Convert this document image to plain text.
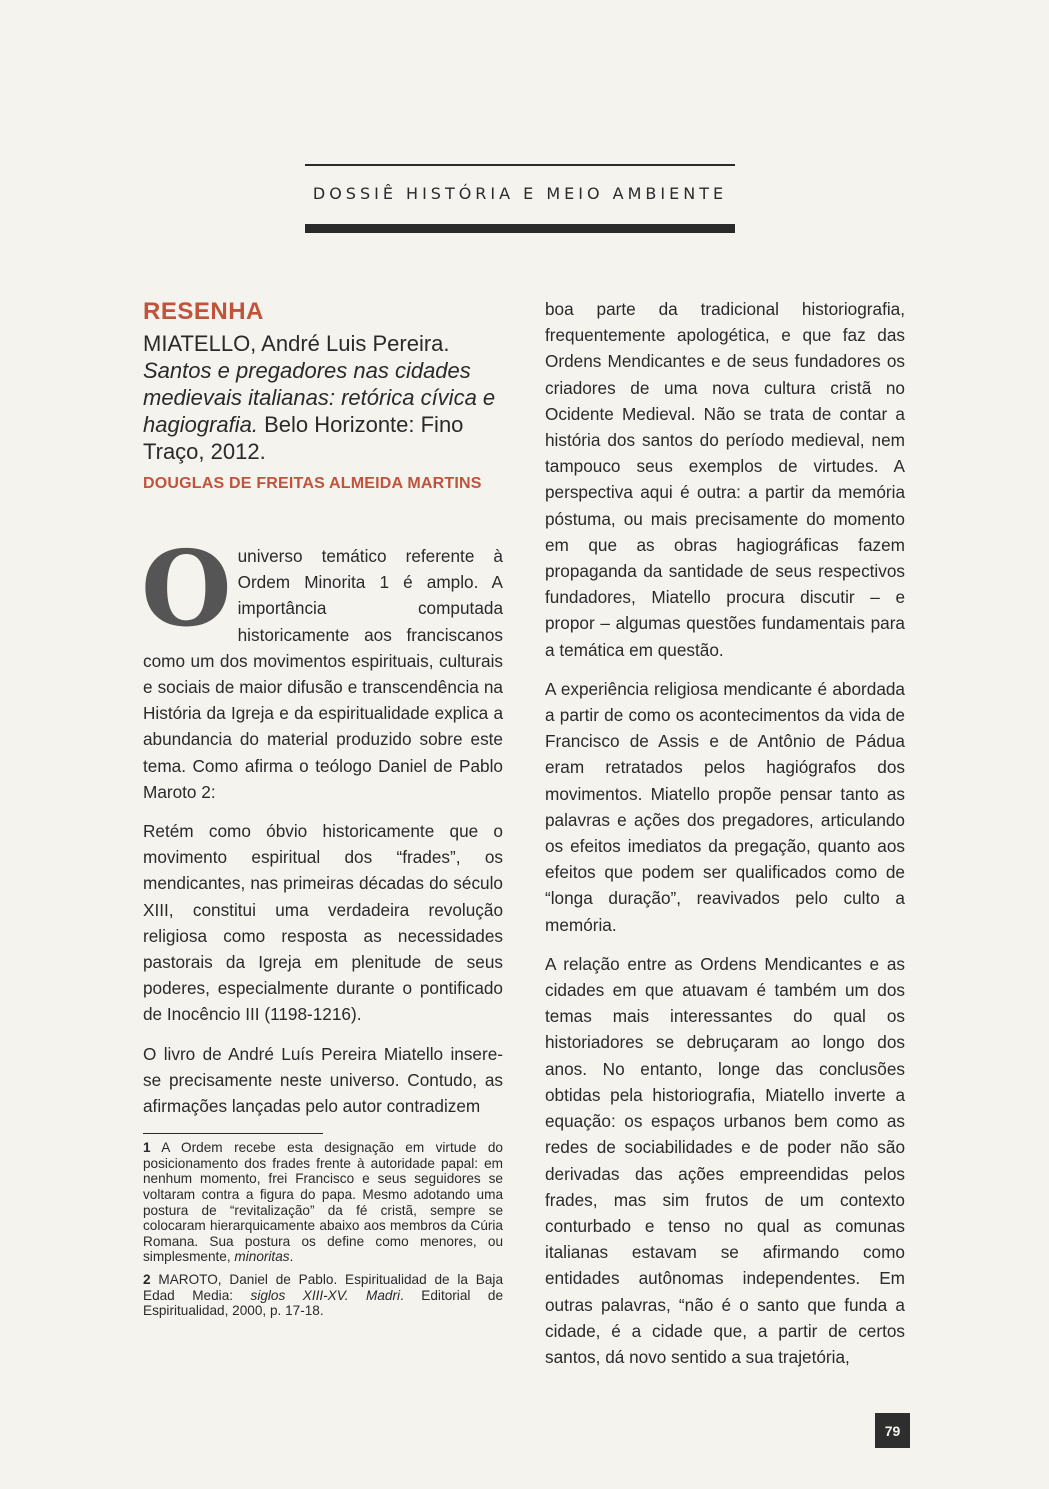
DOSSIÊ HISTÓRIA E MEIO AMBIENTE
RESENHA

MIATELLO, André Luis Pereira.
Santos e pregadores nas cidades medievais italianas: retórica cívica e hagiografia. Belo Horizonte: Fino Traço, 2012.

DOUGLAS DE FREITAS ALMEIDA MARTINS
O universo temático referente à Ordem Minorita 1 é amplo. A importância computada historicamente aos franciscanos como um dos movimentos espirituais, culturais e sociais de maior difusão e transcendência na História da Igreja e da espiritualidade explica a abundancia do material produzido sobre este tema. Como afirma o teólogo Daniel de Pablo Maroto 2:

Retém como óbvio historicamente que o movimento espiritual dos “frades”, os mendicantes, nas primeiras décadas do século XIII, constitui uma verdadeira revolução religiosa como resposta as necessidades pastorais da Igreja em plenitude de seus poderes, especialmente durante o pontificado de Inocêncio III (1198-1216).

O livro de André Luís Pereira Miatello insere-se precisamente neste universo. Contudo, as afirmações lançadas pelo autor contradizem

1 A Ordem recebe esta designação em virtude do posicionamento dos frades frente à autoridade papal: em nenhum momento, frei Francisco e seus seguidores se voltaram contra a figura do papa. Mesmo adotando uma postura de “revitalização” da fé cristã, sempre se colocaram hierarquicamente abaixo aos membros da Cúria Romana. Sua postura os define como menores, ou simplesmente, minoritas.

2 MAROTO, Daniel de Pablo. Espiritualidad de la Baja Edad Media: siglos XIII-XV. Madri. Editorial de Espiritualidad, 2000, p. 17-18.

boa parte da tradicional historiografia, frequentemente apologética, e que faz das Ordens Mendicantes e de seus fundadores os criadores de uma nova cultura cristã no Ocidente Medieval. Não se trata de contar a história dos santos do período medieval, nem tampouco seus exemplos de virtudes. A perspectiva aqui é outra: a partir da memória póstuma, ou mais precisamente do momento em que as obras hagiográficas fazem propaganda da santidade de seus respectivos fundadores, Miatello procura discutir – e propor – algumas questões fundamentais para a temática em questão.

A experiência religiosa mendicante é abordada a partir de como os acontecimentos da vida de Francisco de Assis e de Antônio de Pádua eram retratados pelos hagiógrafos dos movimentos. Miatello propõe pensar tanto as palavras e ações dos pregadores, articulando os efeitos imediatos da pregação, quanto aos efeitos que podem ser qualificados como de “longa duração”, reavivados pelo culto a memória.

A relação entre as Ordens Mendicantes e as cidades em que atuavam é também um dos temas mais interessantes do qual os historiadores se debruçaram ao longo dos anos. No entanto, longe das conclusões obtidas pela historiografia, Miatello inverte a equação: os espaços urbanos bem como as redes de sociabilidades e de poder não são derivadas das ações empreendidas pelos frades, mas sim frutos de um contexto conturbado e tenso no qual as comunas italianas estavam se afirmando como entidades autônomas independentes. Em outras palavras, “não é o santo que funda a cidade, é a cidade que, a partir de certos santos, dá novo sentido a sua trajetória,

79
